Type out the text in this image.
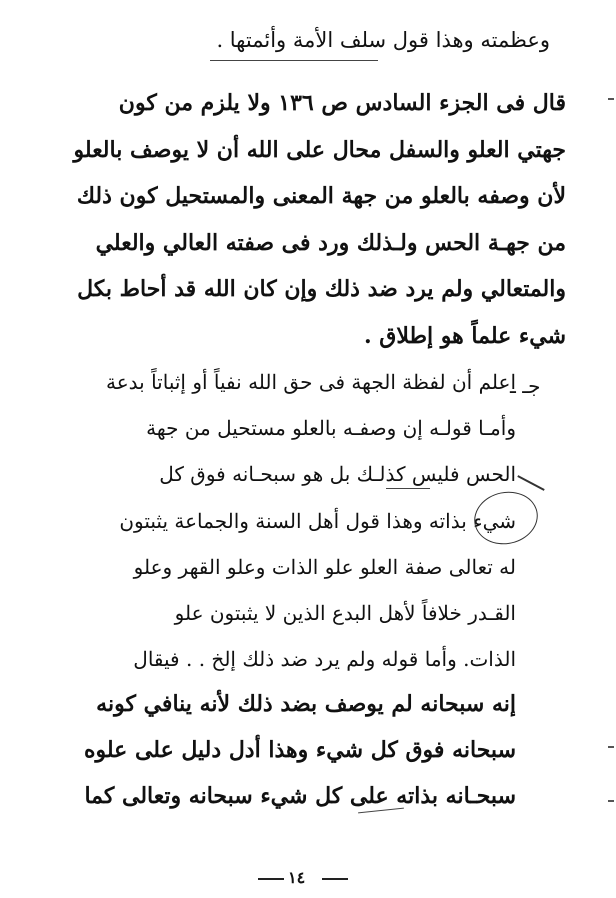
وعظمته وهذا قول سلف الأمة وأئمتها .
قال فى الجزء السادس ص ١٣٦ ولا يلزم من كون
جهتي العلو والسفل محال على الله أن لا يوصف بالعلو
لأن وصفه بالعلو من جهة المعنى والمستحيل كون ذلك
من جهـة الحس ولـذلك ورد فى صفته العالي والعلي
والمتعالي ولم يرد ضد ذلك وإن كان الله قد أحاط بكل
شيء علماً هو إطلاق .
جـ ـ
اعلم أن لفظة الجهة فى حق الله نفياً أو إثباتاً بدعة
وأمـا قولـه إن وصفـه بالعلو مستحيل من جهة
الحس فليس كذلـك بل هو سبحـانه فوق كل
شيء بذاته وهذا قول أهل السنة والجماعة يثبتون
له تعالى صفة العلو علو الذات وعلو القهر وعلو
القـدر خلافاً لأهل البدع الذين لا يثبتون علو
الذات. وأما قوله ولم يرد ضد ذلك إلخ . . فيقال
إنه سبحانه لم يوصف بضد ذلك لأنه ينافي كونه
سبحانه فوق كل شيء وهذا أدل دليل على علوه
سبحـانه بذاته على كل شيء سبحانه وتعالى كما
١٤
